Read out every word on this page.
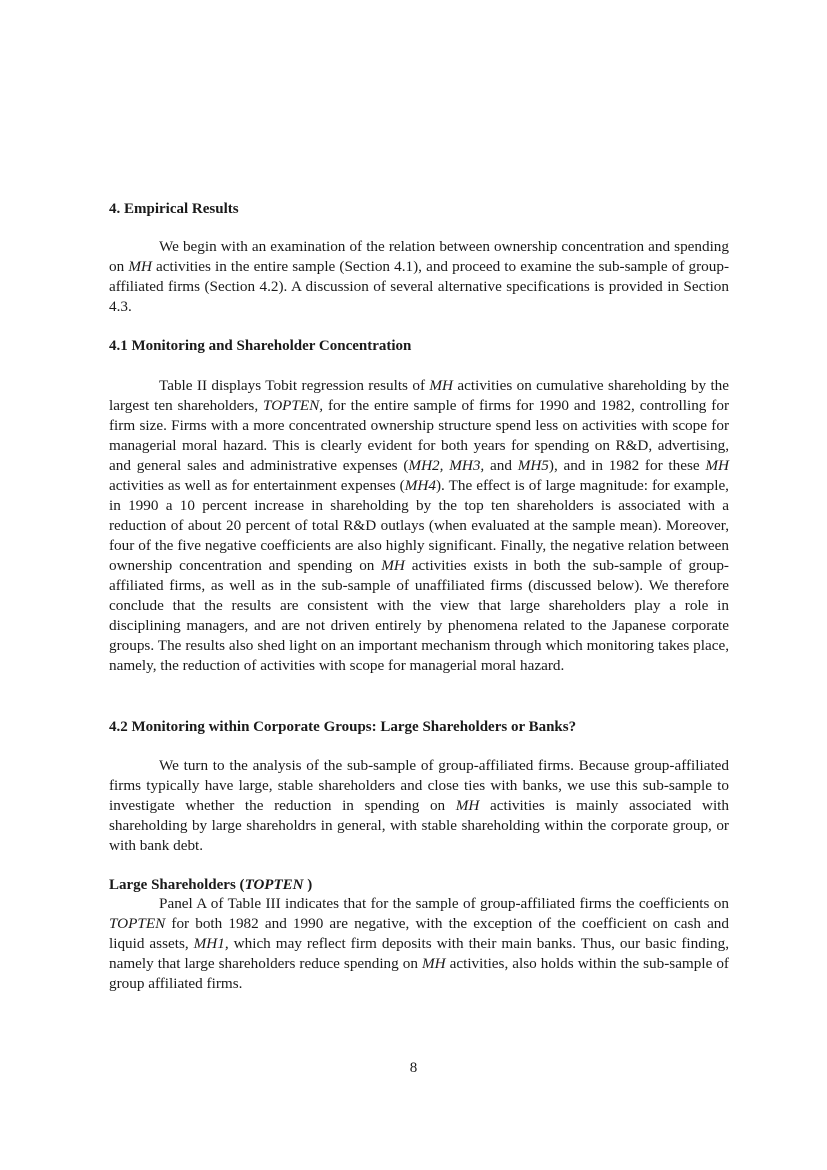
4. Empirical Results

We begin with an examination of the relation between ownership concentration and spending on MH activities in the entire sample (Section 4.1), and proceed to examine the sub-sample of group-affiliated firms (Section 4.2). A discussion of several alternative specifications is provided in Section 4.3.

4.1 Monitoring and Shareholder Concentration

Table II displays Tobit regression results of MH activities on cumulative shareholding by the largest ten shareholders, TOPTEN, for the entire sample of firms for 1990 and 1982, controlling for firm size. Firms with a more concentrated ownership structure spend less on activities with scope for managerial moral hazard. This is clearly evident for both years for spending on R&D, advertising, and general sales and administrative expenses (MH2, MH3, and MH5), and in 1982 for these MH activities as well as for entertainment expenses (MH4). The effect is of large magnitude: for example, in 1990 a 10 percent increase in shareholding by the top ten shareholders is associated with a reduction of about 20 percent of total R&D outlays (when evaluated at the sample mean). Moreover, four of the five negative coefficients are also highly significant. Finally, the negative relation between ownership concentration and spending on MH activities exists in both the sub-sample of group-affiliated firms, as well as in the sub-sample of unaffiliated firms (discussed below). We therefore conclude that the results are consistent with the view that large shareholders play a role in disciplining managers, and are not driven entirely by phenomena related to the Japanese corporate groups. The results also shed light on an important mechanism through which monitoring takes place, namely, the reduction of activities with scope for managerial moral hazard.

4.2 Monitoring within Corporate Groups: Large Shareholders or Banks?

We turn to the analysis of the sub-sample of group-affiliated firms. Because group-affiliated firms typically have large, stable shareholders and close ties with banks, we use this sub-sample to investigate whether the reduction in spending on MH activities is mainly associated with shareholding by large shareholdrs in general, with stable shareholding within the corporate group, or with bank debt.

Large Shareholders (TOPTEN )

Panel A of Table III indicates that for the sample of group-affiliated firms the coefficients on TOPTEN for both 1982 and 1990 are negative, with the exception of the coefficient on cash and liquid assets, MH1, which may reflect firm deposits with their main banks. Thus, our basic finding, namely that large shareholders reduce spending on MH activities, also holds within the sub-sample of group affiliated firms.

8
